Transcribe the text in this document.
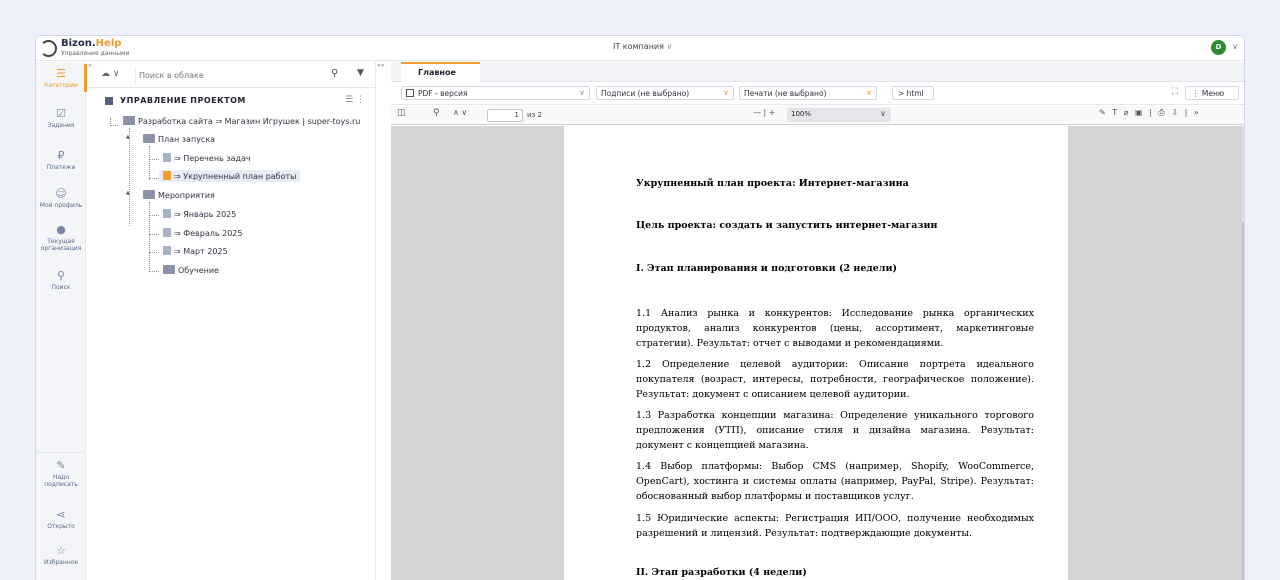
Bizon.Help
Управление данными
IT компания ∨	D	∨
☰
Категории
☑
Задания
₽
Платежи
☺
Мой профиль
●
Текущая организация
⚲
Поиск
✎
Надо подписать
⋖
Открыто
☆
Избранное
«
☁ ∨
Поиск в облаке	⚲ ▼
УПРАВЛЕНИЕ ПРОЕКТОМ	☰ ⋮
Разработка сайта ⇒ Магазин Игрушек | super-toys.ru
▲	План запуска
⇒ Перечень задач
⇒ Укрупненный план работы
▲	Мероприятия
⇒ Январь 2025
⇒ Февраль 2025
⇒ Март 2025
Обучение
«»
Главное
PDF - версия	∨	Подписи (не выбрано)	∨	Печати (не выбрано)	∨	> html	⛶	⋮ Меню
◫	⚲ ∧ ∨	1	из 2	— | +	100%	∨	✎ T ⌀ ▣ | ⎙ ⇩ | »
Укрупненный план проекта: Интернет-магазина
Цель проекта: создать и запустить интернет-магазин
I. Этап планирования и подготовки (2 недели)
1.1 Анализ рынка и конкурентов: Исследование рынка органических продуктов, анализ конкурентов (цены, ассортимент, маркетинговые стратегии). Результат: отчет с выводами и рекомендациями.
1.2 Определение целевой аудитории: Описание портрета идеального покупателя (возраст, интересы, потребности, географическое положение). Результат: документ с описанием целевой аудитории.
1.3 Разработка концепции магазина: Определение уникального торгового предложения (УТП), описание стиля и дизайна магазина. Результат: документ с концепцией магазина.
1.4 Выбор платформы: Выбор CMS (например, Shopify, WooCommerce, OpenCart), хостинга и системы оплаты (например, PayPal, Stripe). Результат: обоснованный выбор платформы и поставщиков услуг.
1.5 Юридические аспекты: Регистрация ИП/ООО, получение необходимых разрешений и лицензий. Результат: подтверждающие документы.
II. Этап разработки (4 недели)
